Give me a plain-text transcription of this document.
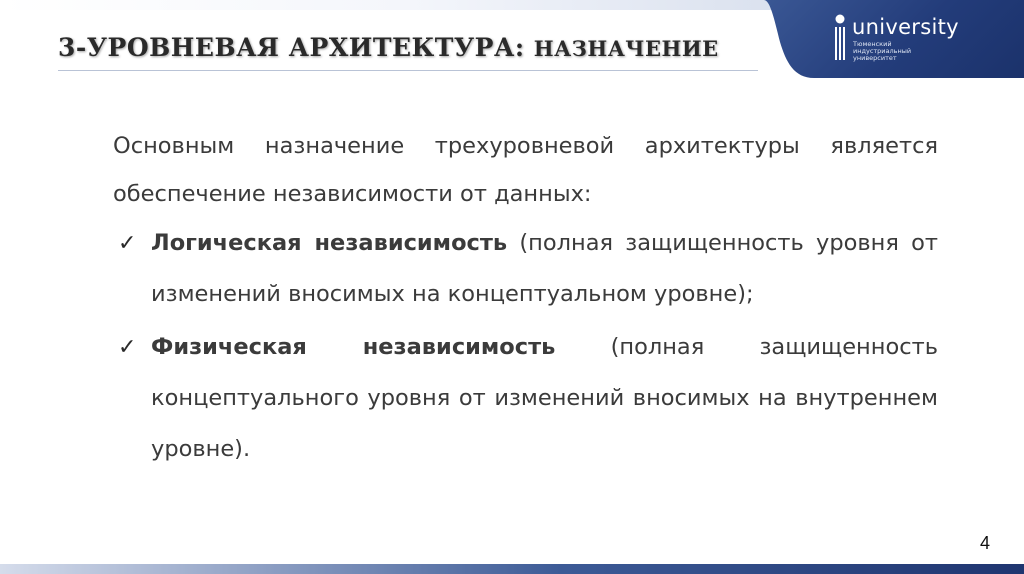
3-УРОВНЕВАЯ АРХИТЕКТУРА: НАЗНАЧЕНИЕ
university
Тюменский
индустриальный
университет

Основным назначение трехуровневой архитектуры является обеспечение независимости от данных:

✓ Логическая независимость (полная защищенность уровня от изменений вносимых на концептуальном уровне);
✓ Физическая независимость (полная защищенность концептуального уровня от изменений вносимых на внутреннем уровне).
4
